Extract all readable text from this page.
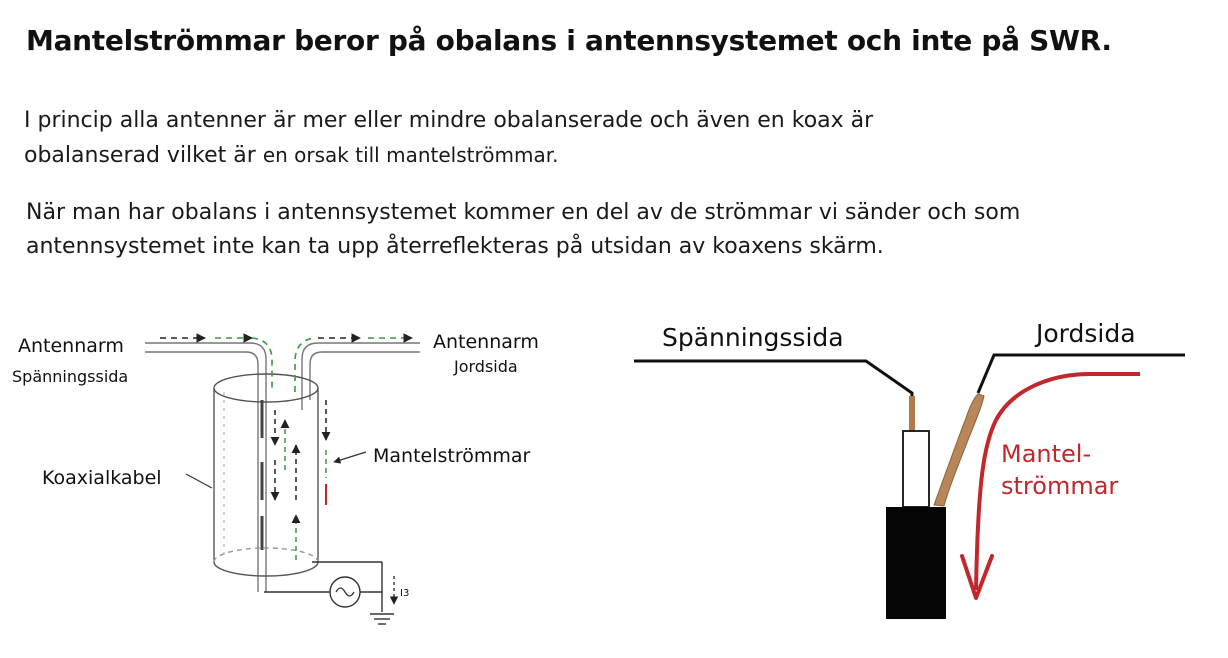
Mantelströmmar beror på obalans i antennsystemet och inte på SWR.
I princip alla antenner är mer eller mindre obalanserade och även en koax är
obalanserad vilket är en orsak till mantelströmmar.
När man har obalans i antennsystemet kommer en del av de strömmar vi sänder och som
antennsystemet inte kan ta upp återreflekteras på utsidan av koaxens skärm.
Antennarm
Spänningssida
Antennarm
Jordsida
Koaxialkabel
Mantelströmmar
I3
Spänningssida	Jordsida
Mantel-
strömmar
